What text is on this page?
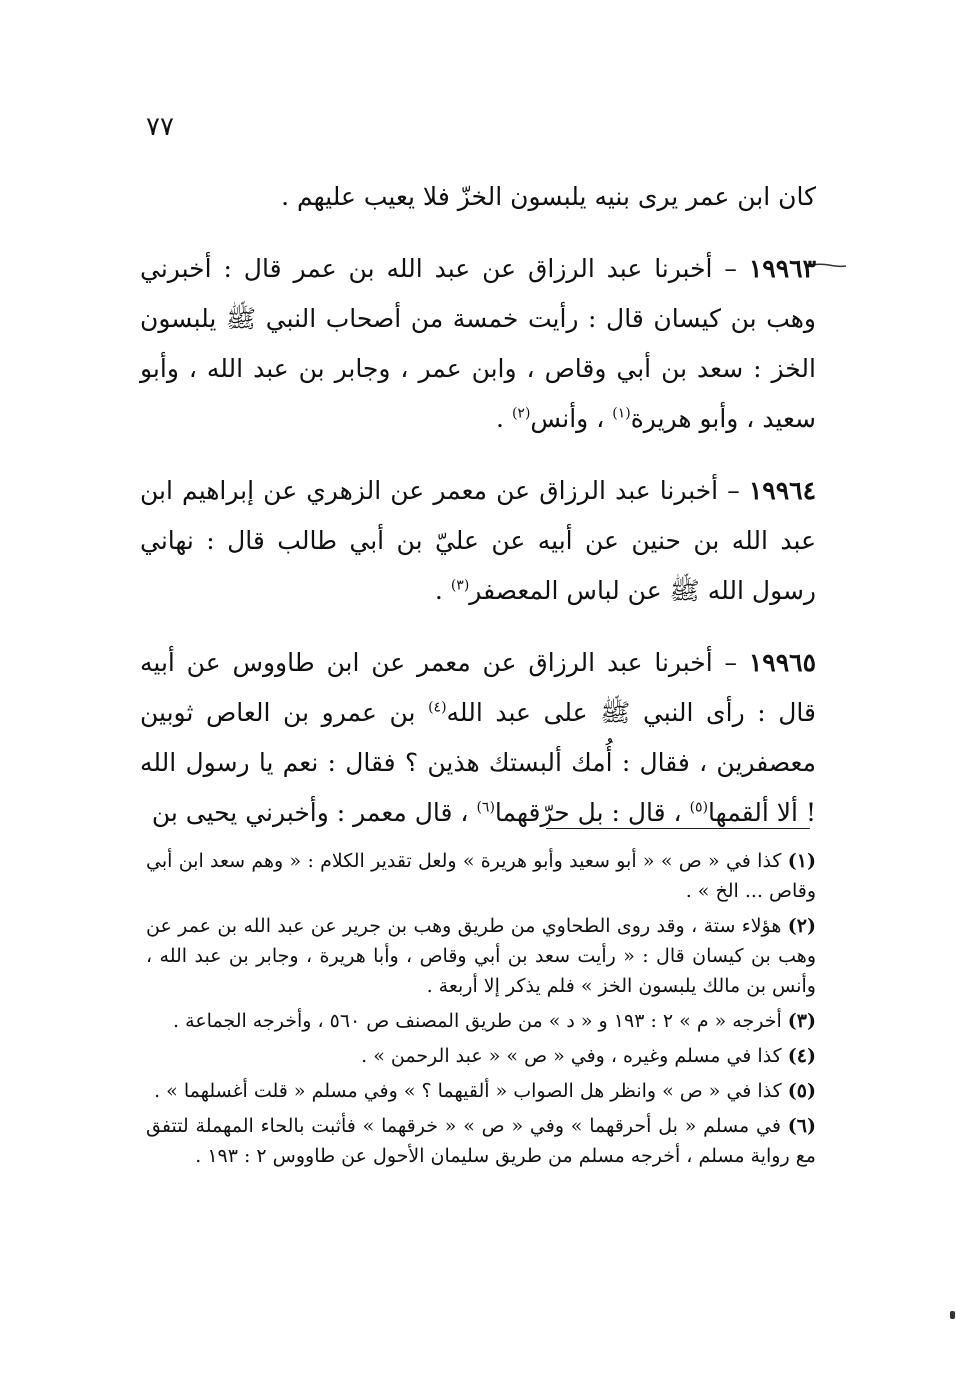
٧٧

كان ابن عمر يرى بنيه يلبسون الخزّ فلا يعيب عليهم .

١٩٩٦٣ – أخبرنا عبد الرزاق عن عبد الله بن عمر قال : أخبرني وهب بن كيسان قال : رأيت خمسة من أصحاب النبي ﷺ يلبسون الخز : سعد بن أبي وقاص ، وابن عمر ، وجابر بن عبد الله ، وأبو سعيد ، وأبو هريرة$^{(١)}$ ، وأنس$^{(٢)}$ .

١٩٩٦٤ – أخبرنا عبد الرزاق عن معمر عن الزهري عن إبراهيم ابن عبد الله بن حنين عن أبيه عن عليّ بن أبي طالب قال : نهاني رسول الله ﷺ عن لباس المعصفر$^{(٣)}$ .

١٩٩٦٥ – أخبرنا عبد الرزاق عن معمر عن ابن طاووس عن أبيه قال : رأى النبي ﷺ على عبد الله$^{(٤)}$ بن عمرو بن العاص ثوبين معصفرين ، فقال : أُمك ألبستك هذين ؟ فقال : نعم يا رسول الله ! ألا ألقمها$^{(٥)}$ ، قال : بل حرّقهما$^{(٦)}$ ، قال معمر : وأخبرني يحيى بن

(١) كذا في « ص » « أبو سعيد وأبو هريرة » ولعل تقدير الكلام : « وهم سعد ابن أبي وقاص ... الخ » .

(٢) هؤلاء ستة ، وقد روى الطحاوي من طريق وهب بن جرير عن عبد الله بن عمر عن وهب بن كيسان قال : « رأيت سعد بن أبي وقاص ، وأبا هريرة ، وجابر بن عبد الله ، وأنس بن مالك يلبسون الخز » فلم يذكر إلا أربعة .

(٣) أخرجه « م » ٢ : ١٩٣ و « د » من طريق المصنف ص ٥٦٠ ، وأخرجه الجماعة .

(٤) كذا في مسلم وغيره ، وفي « ص » « عبد الرحمن » .

(٥) كذا في « ص » وانظر هل الصواب « ألقيهما ؟ » وفي مسلم « قلت أغسلهما » .

(٦) في مسلم « بل أحرقهما » وفي « ص » « خرقهما » فأثبت بالحاء المهملة لتتفق مع رواية مسلم ، أخرجه مسلم من طريق سليمان الأحول عن طاووس ٢ : ١٩٣ .
